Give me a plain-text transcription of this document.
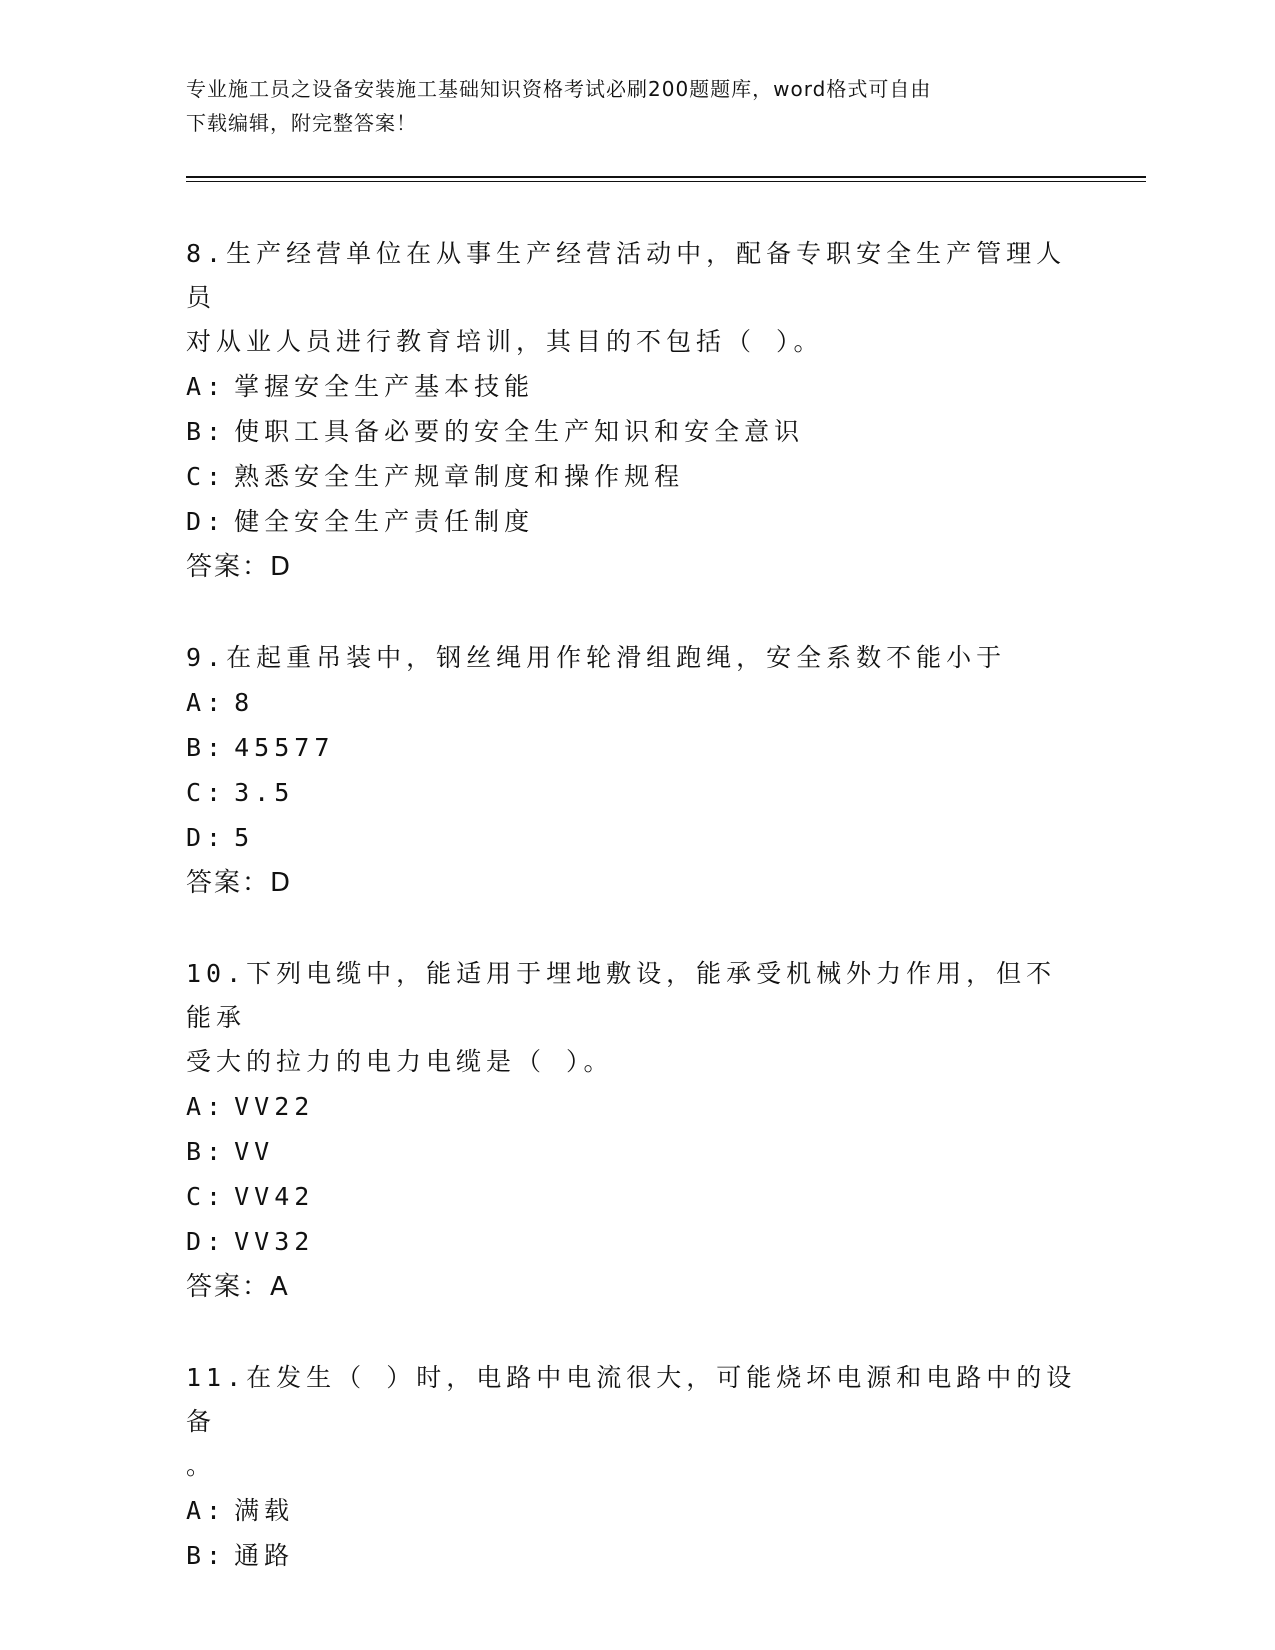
专业施工员之设备安装施工基础知识资格考试必刷200题题库，word格式可自由
下载编辑，附完整答案！

8.生产经营单位在从事生产经营活动中，配备专职安全生产管理人员

对从业人员进行教育培训，其目的不包括（ ）。

A: 掌握安全生产基本技能

B: 使职工具备必要的安全生产知识和安全意识

C: 熟悉安全生产规章制度和操作规程

D: 健全安全生产责任制度

答案：D

9.在起重吊装中，钢丝绳用作轮滑组跑绳，安全系数不能小于

A: 8

B: 45577

C: 3.5

D: 5

答案：D

10.下列电缆中，能适用于埋地敷设，能承受机械外力作用，但不能承

受大的拉力的电力电缆是（ ）。

A: VV22

B: VV

C: VV42

D: VV32

答案：A

11.在发生（ ）时，电路中电流很大，可能烧坏电源和电路中的设备

。

A: 满载

B: 通路
